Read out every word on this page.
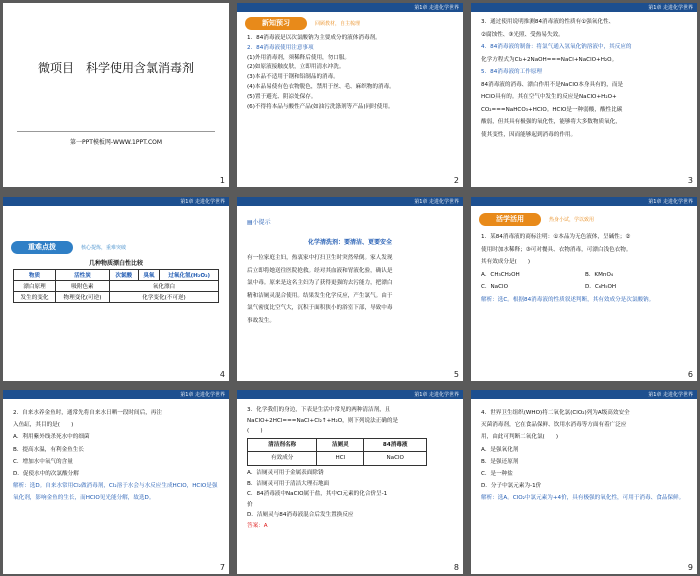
微项目　科学使用含氯消毒剂
第一PPT模板网-WWW.1PPT.COM
1
第1章 走进化学世界
新知预习	回顾教材，自主梳理

1．84消毒液是以次氯酸钠为主要成分的液体消毒剂。

2．84消毒液使用注意事项

(1)外用消毒剂，须稀释后使用，勿口服。

(2)如原液接触皮肤，立即用清水冲洗。

(3)本品不适用于钢和铝制品的消毒。

(4)本品易使有色衣物脱色，禁用于丝、毛、麻织物的消毒。

(5)置于避光、阴凉处保存。

(6)不得将本品与酸性产品(如油污洗涤剂等产品)同时使用。

2
第1章 走进化学世界

3．通过使用说明推测84消毒液的性质有①强氧化性、

②腐蚀性、③光照、受热易失效。

4．84消毒液的制备：将氯气通入氢氧化钠溶液中，其反应的

化学方程式为Cl₂+2NaOH===NaCl+NaClO+H₂O。

5．84消毒液的工作原理

84消毒液的消毒、漂白作用不是NaClO本身具有的，而是

HClO具有的。其在空气中发生的反应是NaClO+H₂O+

CO₂===NaHCO₃+HClO。HClO是一种弱酸，酸性比碳

酸弱，但其具有极强的氧化性，能够将大多数物质氧化，

使其变性，因而能够起到消毒的作用。

3
第1章 走进化学世界
重难点拨	核心提炼，重难突破
几种物质漂白性比较
物质	活性炭	次氯酸	臭氧	过氧化氢(H₂O₂)
漂白原理	吸附色素	氧化漂白		
发生的变化	物理变化(可逆)	化学变化(不可逆)		
4
第1章 走进化学世界
▤小提示
化学清洗剂：要清洁、更要安全

有一位家庭主妇，热衷家中打扫卫生时突然晕倒。家人发现

后立即将她送往医院抢救。经对其血液和胃液化验，确认是

氯中毒。原来是这名主妇为了获得更强的去污能力，把漂白

精和洁厕灵混合使用。结果发生化学反应，产生氯气。由于

氯气密度比空气大，沉积于面积狭小的浴室下部，导致中毒

事故发生。

5
第1章 走进化学世界
活学活用	热身小试，学以致用

1．某84消毒液的商标注明：①本品为无色液体，呈碱性；②

使用时加水稀释；③可对餐具、衣物消毒，可漂白浅色衣物。

其有效成分是(　　)

A．CH₃CH₂OH	B．KMnO₄
C．NaClO	D．C₆H₅OH

解析：选C。根据84消毒液的性质叙述判断，其有效成分是次氯酸钠。

6
第1章 走进化学世界

2．自来水养金鱼时，通常先将自来水日晒一段时间后，再注

入鱼缸，其目的是(　　)

A．利用紫外线杀死水中的细菌

B．提高水温，有利金鱼生长

C．增加水中氧气的含量

D．促使水中的次氯酸分解

解析：选D。自来水常用Cl₂做消毒剂，Cl₂溶于水会与水反应生成HClO，HClO是强氧化剂，影响金鱼的生长，而HClO见光能分解，故选D。

7
第1章 走进化学世界

3．化学我们的身边，下表是生活中常见的两种清洁剂，且

NaClO+2HCl===NaCl+Cl₂↑+H₂O，则下列说法正确的是

(　　)

清洁剂名称	洁厕灵	84消毒液
有效成分	HCl	NaClO

A．洁厕灵可用于金属表面除锈

B．洁厕灵可用于清洁大理石地面

C．84消毒液中NaClO属于盐，其中Cl元素的化合价呈-1

价

D．洁厕灵与84消毒液混合后发生置换反应

答案：A

8
第1章 走进化学世界

4．世界卫生组织(WHO)将二氧化氯(ClO₂)列为A级高效安全

灭菌消毒剂，它在食品保鲜、饮用水消毒等方面有着广泛应

用，由此可判断二氧化氯(　　)

A．是强氧化剂

B．是强还原剂

C．是一种盐

D．分子中氯元素为-1价

解析：选A。ClO₂中氯元素为+4价，具有极强的氧化性，可用于消毒、食品保鲜。

9
